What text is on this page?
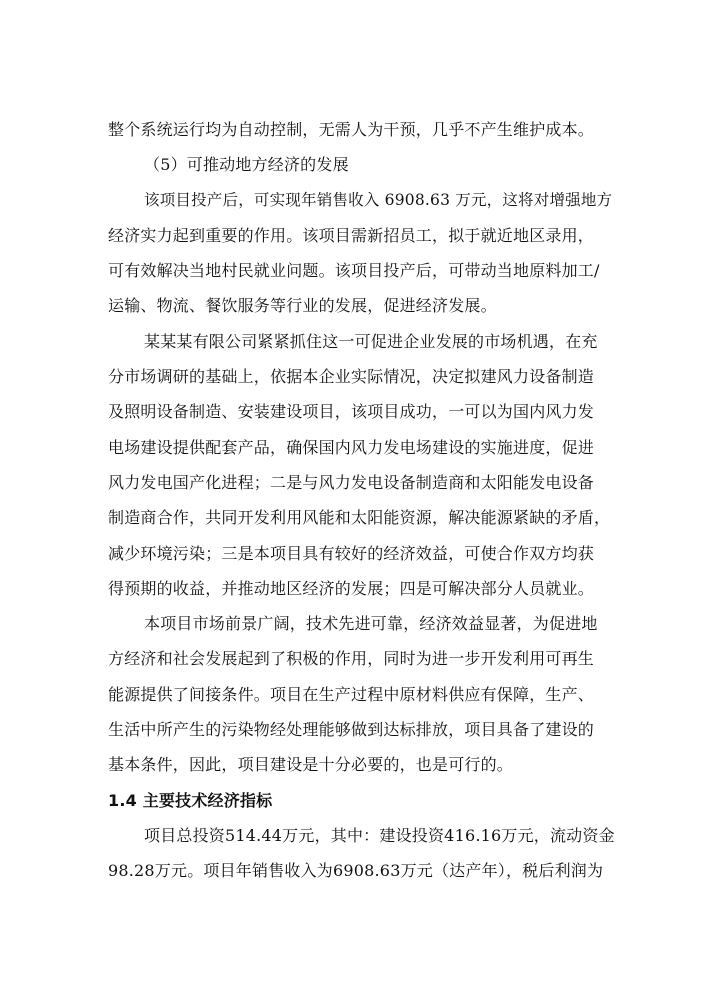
整个系统运行均为自动控制，无需人为干预，几乎不产生维护成本。
（5）可推动地方经济的发展
该项目投产后，可实现年销售收入 6908.63 万元，这将对增强地方
经济实力起到重要的作用。该项目需新招员工，拟于就近地区录用，
可有效解决当地村民就业问题。该项目投产后，可带动当地原料加工/
运输、物流、餐饮服务等行业的发展，促进经济发展。
某某某有限公司紧紧抓住这一可促进企业发展的市场机遇，在充
分市场调研的基础上，依据本企业实际情况，决定拟建风力设备制造
及照明设备制造、安装建设项目，该项目成功，一可以为国内风力发
电场建设提供配套产品，确保国内风力发电场建设的实施进度，促进
风力发电国产化进程；二是与风力发电设备制造商和太阳能发电设备
制造商合作，共同开发利用风能和太阳能资源，解决能源紧缺的矛盾，
减少环境污染；三是本项目具有较好的经济效益，可使合作双方均获
得预期的收益，并推动地区经济的发展；四是可解决部分人员就业。
本项目市场前景广阔，技术先进可靠，经济效益显著，为促进地
方经济和社会发展起到了积极的作用，同时为进一步开发利用可再生
能源提供了间接条件。项目在生产过程中原材料供应有保障，生产、
生活中所产生的污染物经处理能够做到达标排放，项目具备了建设的
基本条件，因此，项目建设是十分必要的，也是可行的。
1.4 主要技术经济指标
项目总投资514.44万元，其中：建设投资416.16万元，流动资金
98.28万元。项目年销售收入为6908.63万元（达产年），税后利润为
